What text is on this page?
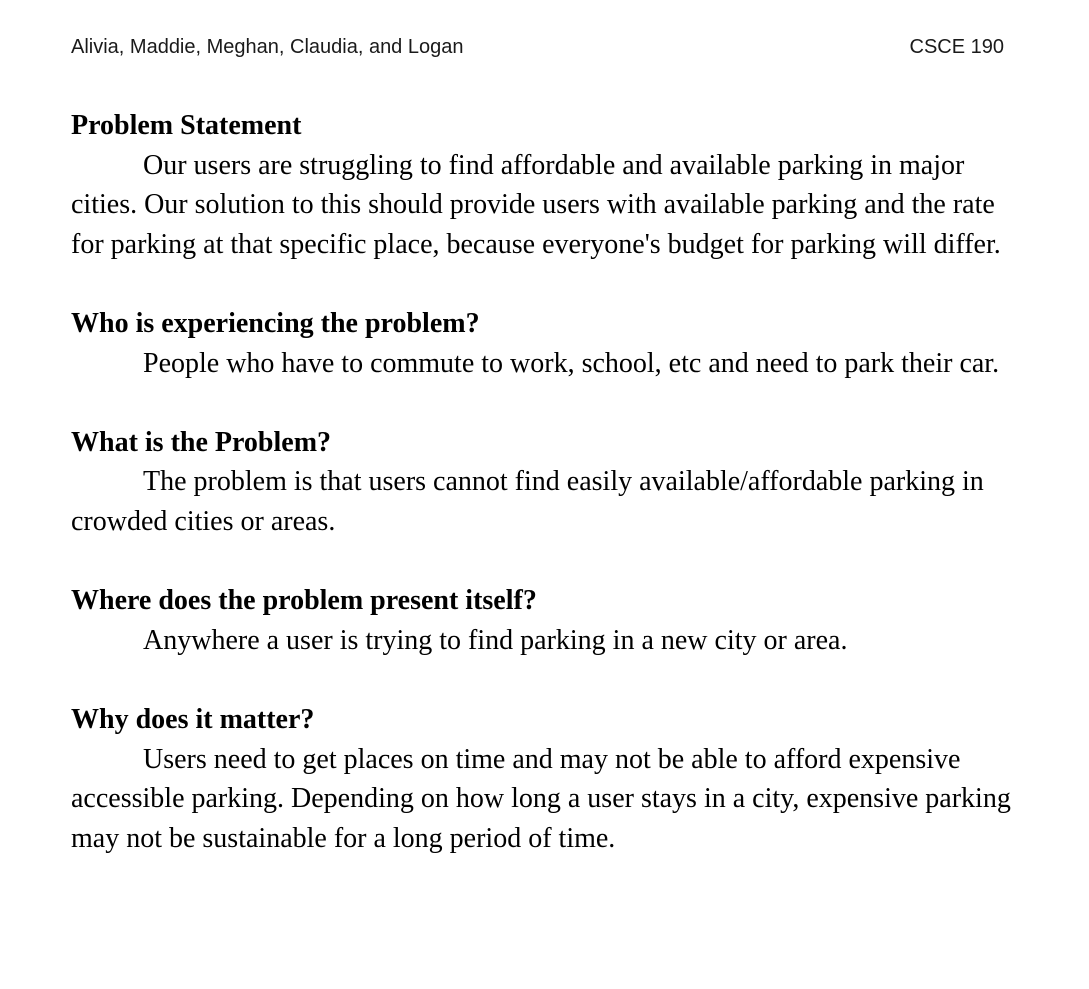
Alivia, Maddie, Meghan, Claudia, and Logan	CSCE 190
Problem Statement

Our users are struggling to find affordable and available parking in major cities. Our solution to this should provide users with available parking and the rate for parking at that specific place, because everyone's budget for parking will differ.

Who is experiencing the problem?

People who have to commute to work, school, etc and need to park their car.

What is the Problem?

The problem is that users cannot find easily available/affordable parking in crowded cities or areas.

Where does the problem present itself?

Anywhere a user is trying to find parking in a new city or area.

Why does it matter?

Users need to get places on time and may not be able to afford expensive accessible parking. Depending on how long a user stays in a city, expensive parking may not be sustainable for a long period of time.
